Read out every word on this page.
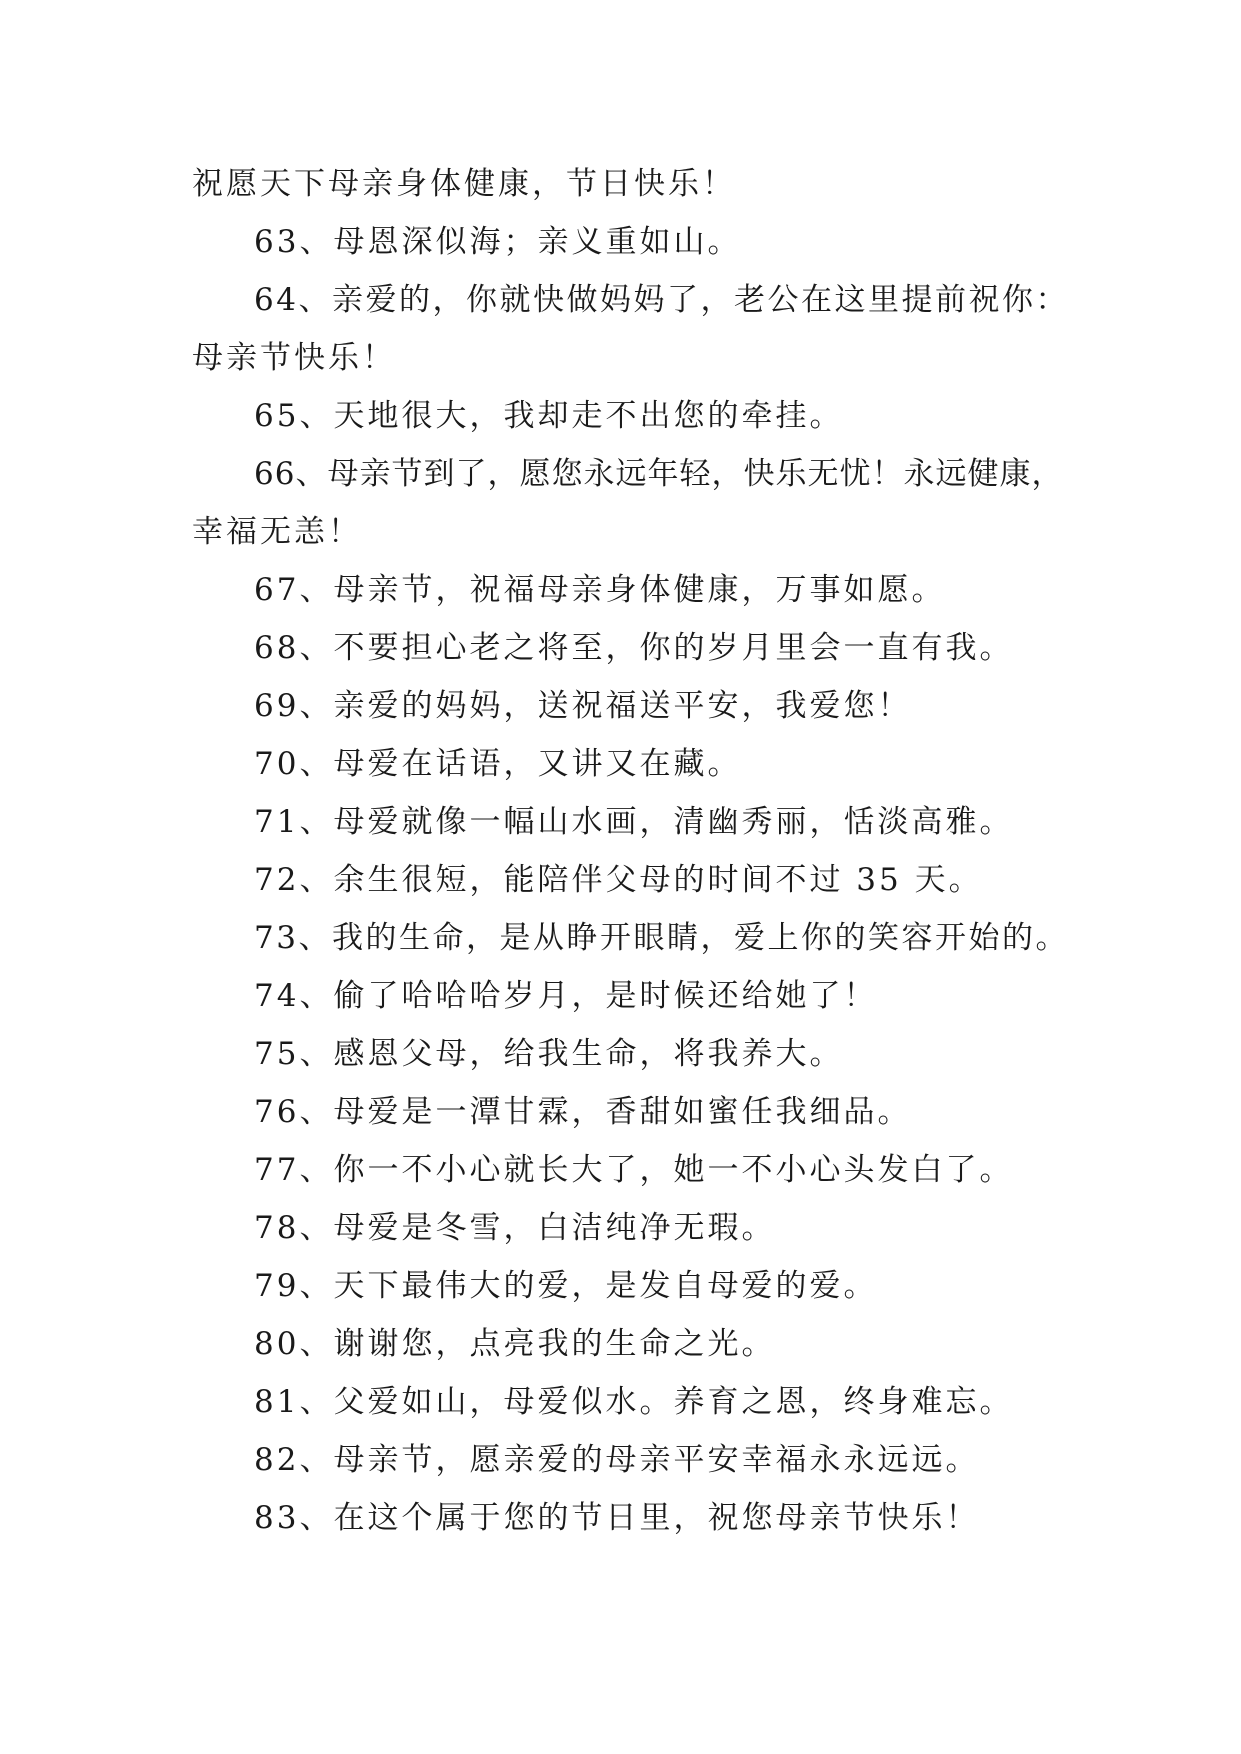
祝愿天下母亲身体健康，节日快乐！
63、母恩深似海；亲义重如山。
64、亲爱的，你就快做妈妈了，老公在这里提前祝你：
母亲节快乐！
65、天地很大，我却走不出您的牵挂。
66、母亲节到了，愿您永远年轻，快乐无忧！永远健康，
幸福无恙！
67、母亲节，祝福母亲身体健康，万事如愿。
68、不要担心老之将至，你的岁月里会一直有我。
69、亲爱的妈妈，送祝福送平安，我爱您！
70、母爱在话语，又讲又在藏。
71、母爱就像一幅山水画，清幽秀丽，恬淡高雅。
72、余生很短，能陪伴父母的时间不过 35 天。
73、我的生命，是从睁开眼睛，爱上你的笑容开始的。
74、偷了哈哈哈岁月，是时候还给她了！
75、感恩父母，给我生命，将我养大。
76、母爱是一潭甘霖，香甜如蜜任我细品。
77、你一不小心就长大了，她一不小心头发白了。
78、母爱是冬雪，白洁纯净无瑕。
79、天下最伟大的爱，是发自母爱的爱。
80、谢谢您，点亮我的生命之光。
81、父爱如山，母爱似水。养育之恩，终身难忘。
82、母亲节，愿亲爱的母亲平安幸福永永远远。
83、在这个属于您的节日里，祝您母亲节快乐！
